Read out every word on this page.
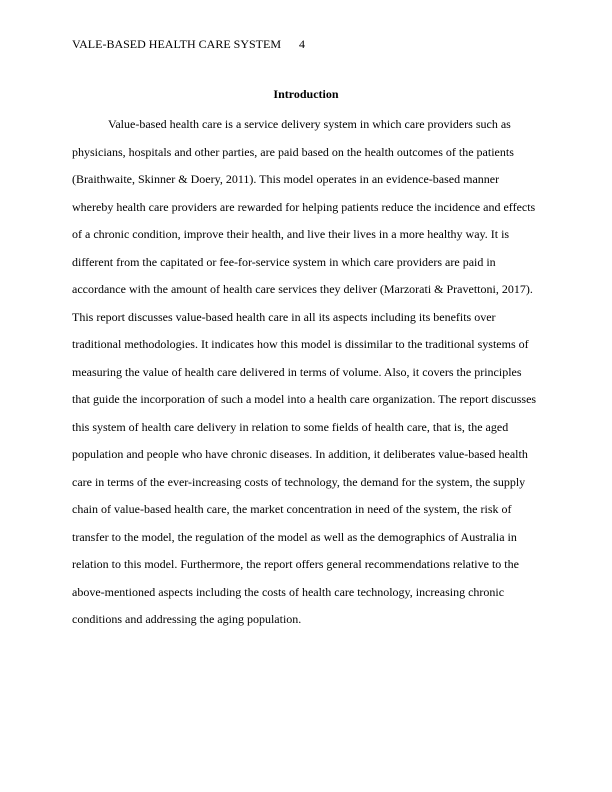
VALE-BASED HEALTH CARE SYSTEM 4
Introduction

Value-based health care is a service delivery system in which care providers such as physicians, hospitals and other parties, are paid based on the health outcomes of the patients (Braithwaite, Skinner & Doery, 2011). This model operates in an evidence-based manner whereby health care providers are rewarded for helping patients reduce the incidence and effects of a chronic condition, improve their health, and live their lives in a more healthy way. It is different from the capitated or fee-for-service system in which care providers are paid in accordance with the amount of health care services they deliver (Marzorati & Pravettoni, 2017). This report discusses value-based health care in all its aspects including its benefits over traditional methodologies. It indicates how this model is dissimilar to the traditional systems of measuring the value of health care delivered in terms of volume. Also, it covers the principles that guide the incorporation of such a model into a health care organization. The report discusses this system of health care delivery in relation to some fields of health care, that is, the aged population and people who have chronic diseases. In addition, it deliberates value-based health care in terms of the ever-increasing costs of technology, the demand for the system, the supply chain of value-based health care, the market concentration in need of the system, the risk of transfer to the model, the regulation of the model as well as the demographics of Australia in relation to this model. Furthermore, the report offers general recommendations relative to the above-mentioned aspects including the costs of health care technology, increasing chronic conditions and addressing the aging population.
